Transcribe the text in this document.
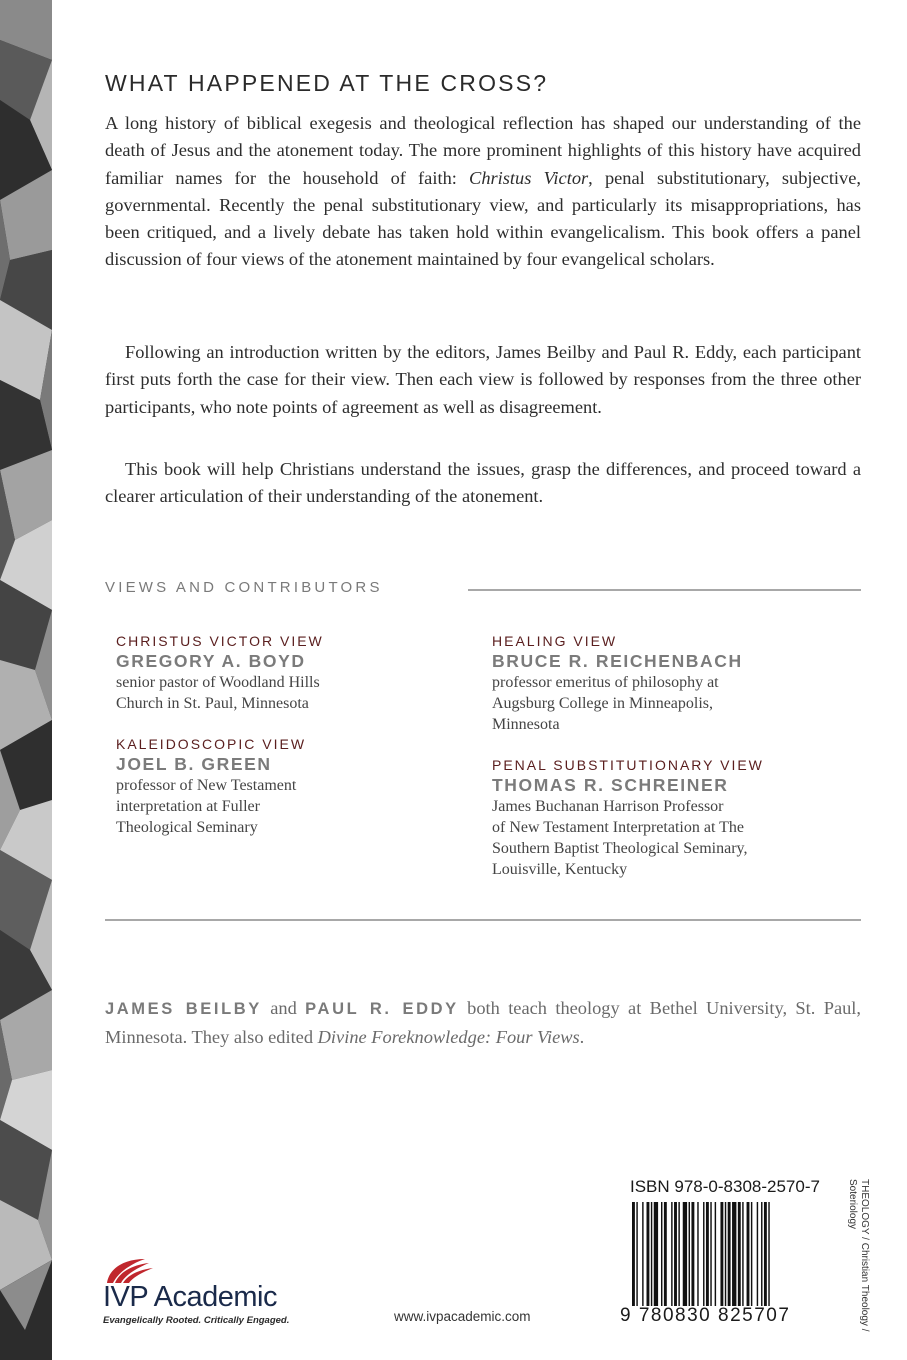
WHAT HAPPENED AT THE CROSS?

A long history of biblical exegesis and theological reflection has shaped our understanding of the death of Jesus and the atonement today. The more prominent highlights of this history have acquired familiar names for the household of faith: Christus Victor, penal substitutionary, subjective, governmental. Recently the penal substitutionary view, and particularly its misappropriations, has been critiqued, and a lively debate has taken hold within evangelicalism. This book offers a panel discussion of four views of the atonement maintained by four evangelical scholars.

Following an introduction written by the editors, James Beilby and Paul R. Eddy, each participant first puts forth the case for their view. Then each view is followed by responses from the three other participants, who note points of agreement as well as disagreement.

This book will help Christians understand the issues, grasp the differences, and proceed toward a clearer articulation of their understanding of the atonement.

VIEWS AND CONTRIBUTORS
CHRISTUS VICTOR VIEW
GREGORY A. BOYD
senior pastor of Woodland Hills
Church in St. Paul, Minnesota
KALEIDOSCOPIC VIEW
JOEL B. GREEN
professor of New Testament
interpretation at Fuller
Theological Seminary
HEALING VIEW
BRUCE R. REICHENBACH
professor emeritus of philosophy at
Augsburg College in Minneapolis,
Minnesota
PENAL SUBSTITUTIONARY VIEW
THOMAS R. SCHREINER
James Buchanan Harrison Professor
of New Testament Interpretation at The
Southern Baptist Theological Seminary,
Louisville, Kentucky

JAMES BEILBY and PAUL R. EDDY both teach theology at Bethel University, St. Paul, Minnesota. They also edited Divine Foreknowledge: Four Views.

IVP Academic
Evangelically Rooted. Critically Engaged.	www.ivpacademic.com
ISBN 978-0-8308-2570-7
9 780830 825707	THEOLOGY / Christian Theology /
Soteriology
